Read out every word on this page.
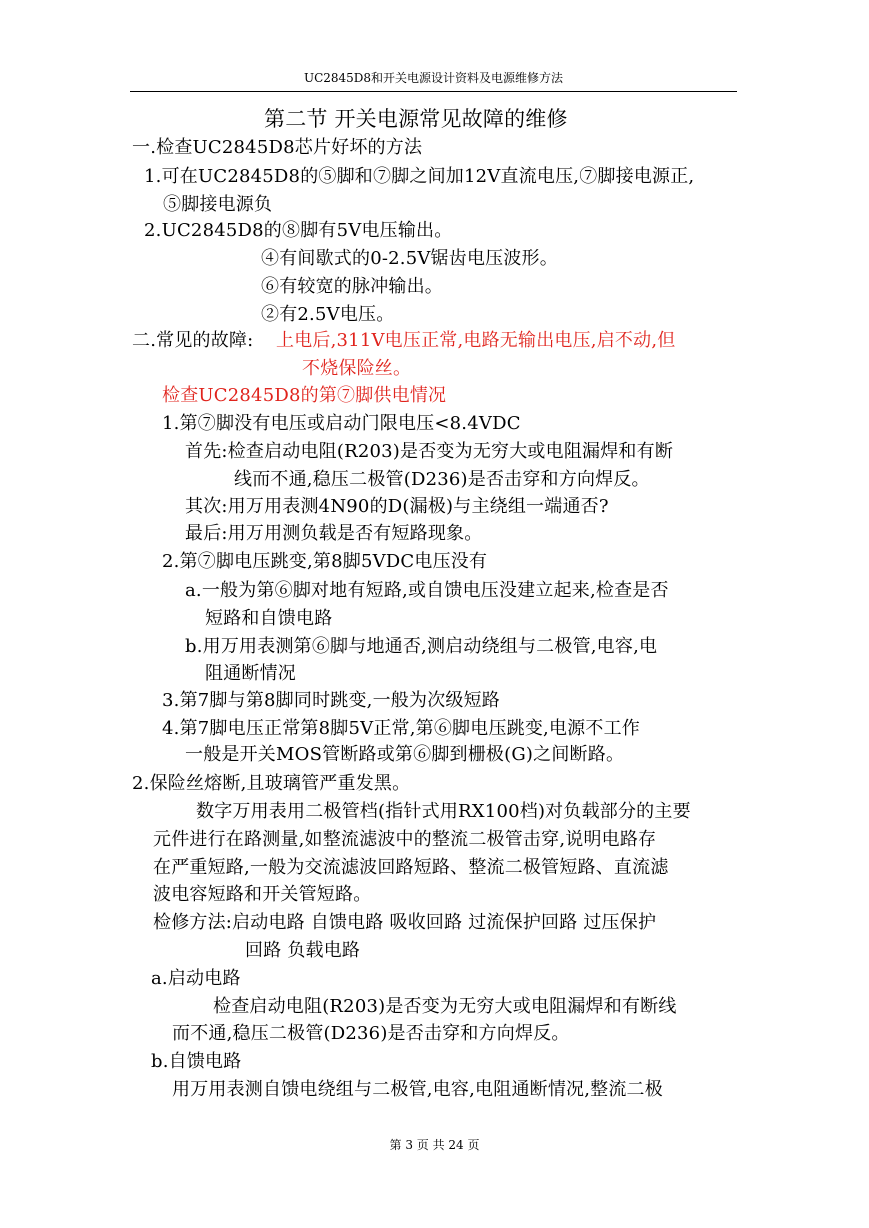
UC2845D8和开关电源设计资料及电源维修方法
第二节 开关电源常见故障的维修
一.检查UC2845D8芯片好坏的方法
1.可在UC2845D8的⑤脚和⑦脚之间加12V直流电压,⑦脚接电源正,
⑤脚接电源负
2.UC2845D8的⑧脚有5V电压输出。
④有间歇式的0-2.5V锯齿电压波形。
⑥有较宽的脉冲输出。
②有2.5V电压。
二.常见的故障: 上电后,311V电压正常,电路无输出电压,启不动,但
不烧保险丝。
检查UC2845D8的第⑦脚供电情况
1.第⑦脚没有电压或启动门限电压<8.4VDC
首先:检查启动电阻(R203)是否变为无穷大或电阻漏焊和有断
线而不通,稳压二极管(D236)是否击穿和方向焊反。
其次:用万用表测4N90的D(漏极)与主绕组一端通否?
最后:用万用测负载是否有短路现象。
2.第⑦脚电压跳变,第8脚5VDC电压没有
a.一般为第⑥脚对地有短路,或自馈电压没建立起来,检查是否
短路和自馈电路
b.用万用表测第⑥脚与地通否,测启动绕组与二极管,电容,电
阻通断情况
3.第7脚与第8脚同时跳变,一般为次级短路
4.第7脚电压正常第8脚5V正常,第⑥脚电压跳变,电源不工作
一般是开关MOS管断路或第⑥脚到栅极(G)之间断路。
2.保险丝熔断,且玻璃管严重发黑。
数字万用表用二极管档(指针式用RX100档)对负载部分的主要
元件进行在路测量,如整流滤波中的整流二极管击穿,说明电路存
在严重短路,一般为交流滤波回路短路、整流二极管短路、直流滤
波电容短路和开关管短路。
检修方法:启动电路 自馈电路 吸收回路 过流保护回路 过压保护
回路 负载电路
a.启动电路
检查启动电阻(R203)是否变为无穷大或电阻漏焊和有断线
而不通,稳压二极管(D236)是否击穿和方向焊反。
b.自馈电路
用万用表测自馈电绕组与二极管,电容,电阻通断情况,整流二极
第 3 页 共 24 页
